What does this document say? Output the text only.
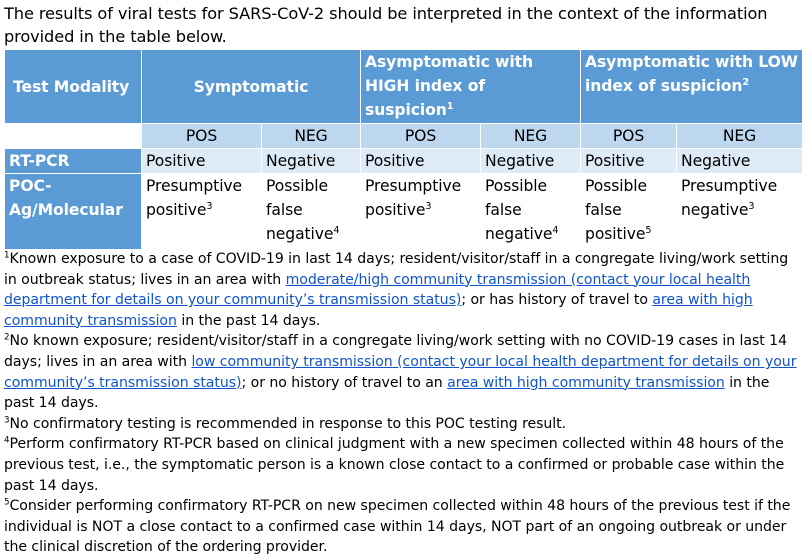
The results of viral tests for SARS-CoV-2 should be interpreted in the context of the information provided in the table below.
Test Modality	Symptomatic		Asymptomatic with HIGH index of suspicion$^1$		Asymptomatic with LOW index of suspicion$^2$
	POS	NEG	POS	NEG	POS	NEG
RT-PCR	Positive	Negative	Positive	Negative	Positive	Negative
POC-Ag/Molecular	Presumptive positive$^3$	Possible false negative$^4$	Presumptive positive$^3$	Possible false negative$^4$	Possible false positive$^5$	Presumptive negative$^3$

$^1$Known exposure to a case of COVID-19 in last 14 days; resident/visitor/staff in a congregate living/work setting in outbreak status; lives in an area with moderate/high community transmission (contact your local health department for details on your community’s transmission status); or has history of travel to area with high community transmission in the past 14 days.

$^2$No known exposure; resident/visitor/staff in a congregate living/work setting with no COVID-19 cases in last 14 days; lives in an area with low community transmission (contact your local health department for details on your community’s transmission status); or no history of travel to an area with high community transmission in the past 14 days.

$^3$No confirmatory testing is recommended in response to this POC testing result.

$^4$Perform confirmatory RT-PCR based on clinical judgment with a new specimen collected within 48 hours of the previous test, i.e., the symptomatic person is a known close contact to a confirmed or probable case within the past 14 days.

$^5$Consider performing confirmatory RT-PCR on new specimen collected within 48 hours of the previous test if the individual is NOT a close contact to a confirmed case within 14 days, NOT part of an ongoing outbreak or under the clinical discretion of the ordering provider.
